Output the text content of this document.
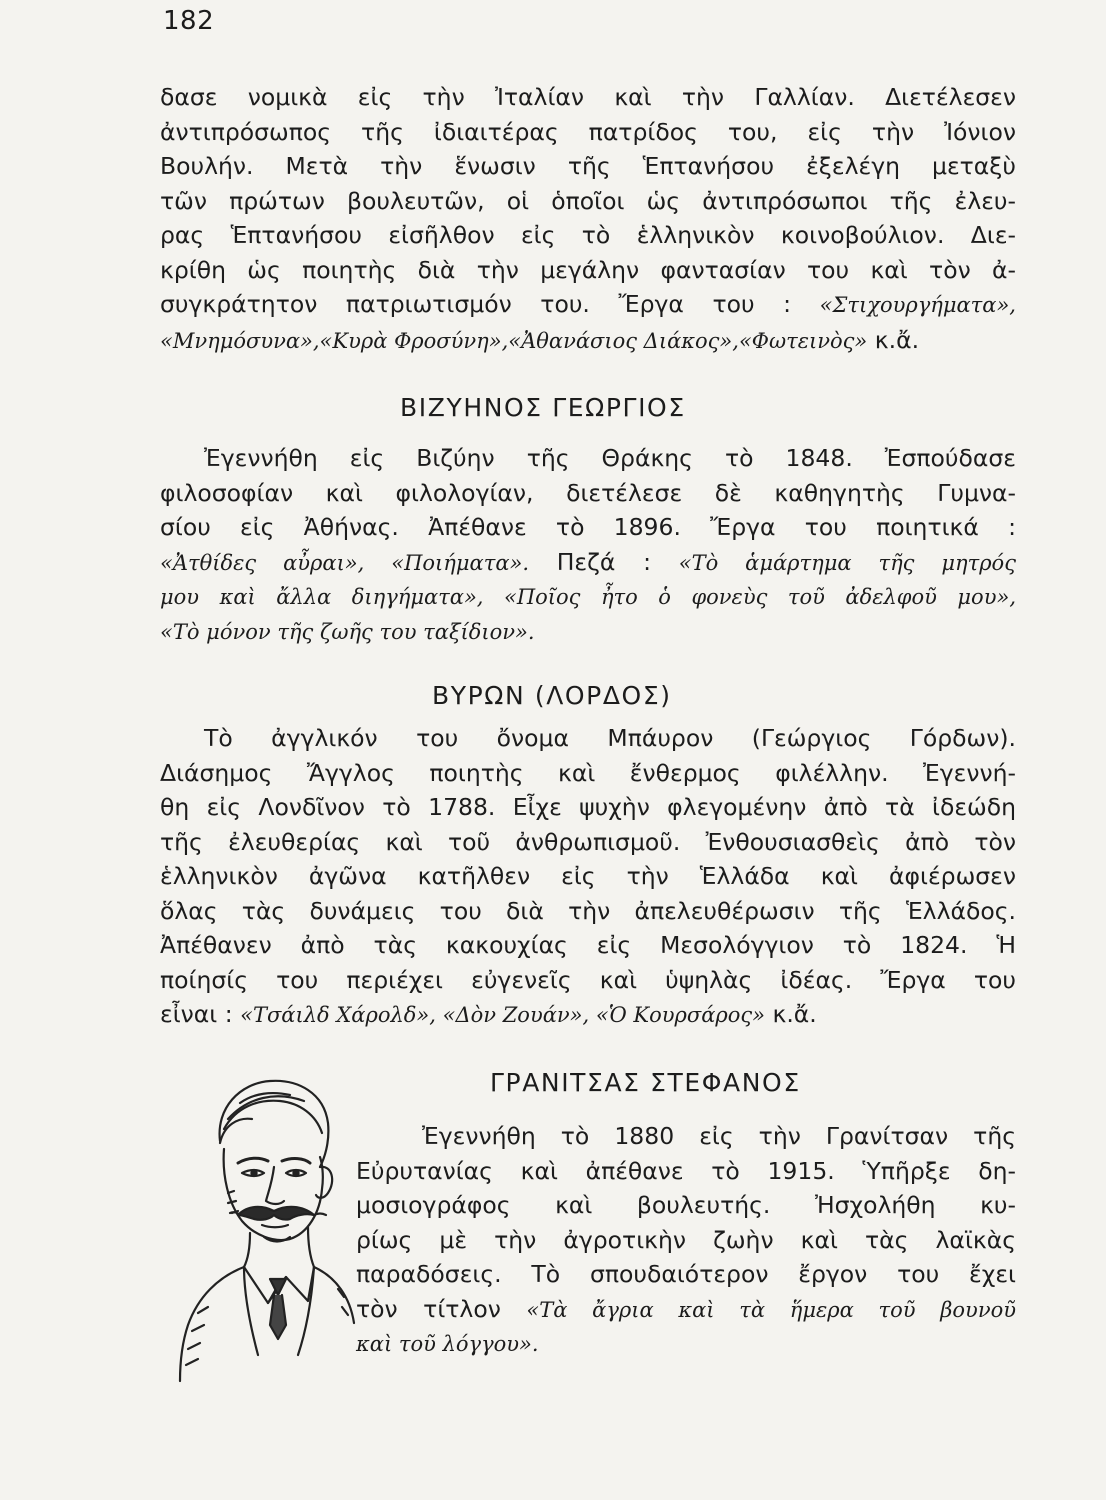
182
δασε νομικὰ εἰς τὴν Ἰταλίαν καὶ τὴν Γαλλίαν. Διετέλεσεν
ἀντιπρόσωπος τῆς ἰδιαιτέρας πατρίδος του, εἰς τὴν Ἰόνιον
Βουλήν. Μετὰ τὴν ἕνωσιν τῆς Ἑπτανήσου ἐξελέγη μεταξὺ
τῶν πρώτων βουλευτῶν, οἱ ὁποῖοι ὡς ἀντιπρόσωποι τῆς ἐλευ-
ρας Ἑπτανήσου εἰσῆλθον εἰς τὸ ἑλληνικὸν κοινοβούλιον. Διε-
κρίθη ὡς ποιητὴς διὰ τὴν μεγάλην φαντασίαν του καὶ τὸν ἀ-
συγκράτητον πατριωτισμόν του. Ἔργα του : «Στιχουργήματα»,
«Μνημόσυνα»,«Κυρὰ Φροσύνη»,«Ἀθανάσιος Διάκος»,«Φωτεινὸς» κ.ἄ.
ΒΙΖΥΗΝΟΣ ΓΕΩΡΓΙΟΣ
Ἐγεννήθη εἰς Βιζύην τῆς Θράκης τὸ 1848. Ἐσπούδασε
φιλοσοφίαν καὶ φιλολογίαν, διετέλεσε δὲ καθηγητὴς Γυμνα-
σίου εἰς Ἀθήνας. Ἀπέθανε τὸ 1896. Ἔργα του ποιητικά :
«Ἀτθίδες αὖραι», «Ποιήματα». Πεζά : «Τὸ ἁμάρτημα τῆς μητρός
μου καὶ ἄλλα διηγήματα», «Ποῖος ἦτο ὁ φονεὺς τοῦ ἀδελφοῦ μου»,
«Τὸ μόνον τῆς ζωῆς του ταξίδιον».
ΒΥΡΩΝ (ΛΟΡΔΟΣ)
Τὸ ἀγγλικόν του ὄνομα Μπάυρον (Γεώργιος Γόρδων).
Διάσημος Ἄγγλος ποιητὴς καὶ ἔνθερμος φιλέλλην. Ἐγεννή-
θη εἰς Λονδῖνον τὸ 1788. Εἶχε ψυχὴν φλεγομένην ἀπὸ τὰ ἰδεώδη
τῆς ἐλευθερίας καὶ τοῦ ἀνθρωπισμοῦ. Ἐνθουσιασθεὶς ἀπὸ τὸν
ἑλληνικὸν ἀγῶνα κατῆλθεν εἰς τὴν Ἑλλάδα καὶ ἀφιέρωσεν
ὅλας τὰς δυνάμεις του διὰ τὴν ἀπελευθέρωσιν τῆς Ἑλλάδος.
Ἀπέθανεν ἀπὸ τὰς κακουχίας εἰς Μεσολόγγιον τὸ 1824. Ἡ
ποίησίς του περιέχει εὐγενεῖς καὶ ὑψηλὰς ἰδέας. Ἔργα του
εἶναι : «Τσάιλδ Χάρολδ», «Δὸν Ζουάν», «Ὁ Κουρσάρος» κ.ἄ.
ΓΡΑΝΙΤΣΑΣ ΣΤΕΦΑΝΟΣ
Ἐγεννήθη τὸ 1880 εἰς τὴν Γρανίτσαν τῆς
Εὐρυτανίας καὶ ἀπέθανε τὸ 1915. Ὑπῆρξε δη-
μοσιογράφος καὶ βουλευτής. Ἠσχολήθη κυ-
ρίως μὲ τὴν ἀγροτικὴν ζωὴν καὶ τὰς λαϊκὰς
παραδόσεις. Τὸ σπουδαιότερον ἔργον του ἔχει
τὸν τίτλον «Τὰ ἄγρια καὶ τὰ ἥμερα τοῦ βουνοῦ
καὶ τοῦ λόγγου».
